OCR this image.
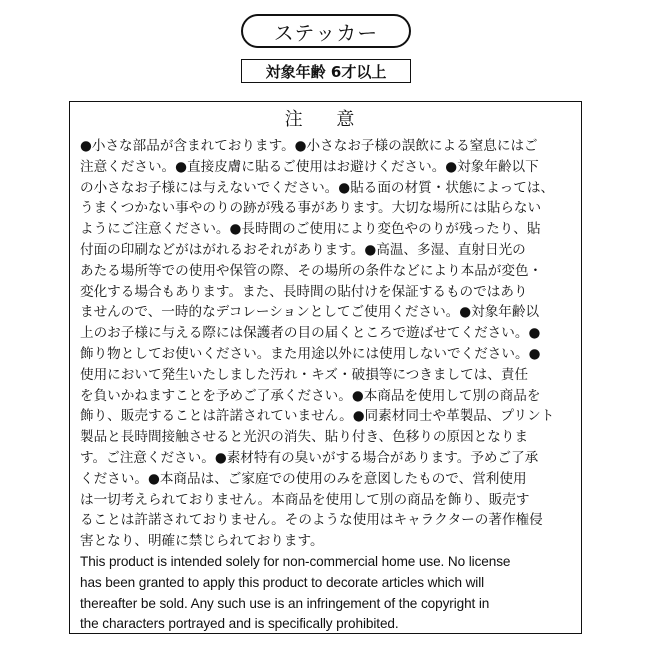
ステッカー
対象年齢 6才以上
注 意
●小さな部品が含まれております。●小さなお子様の誤飲による窒息にはご
注意ください。●直接皮膚に貼るご使用はお避けください。●対象年齢以下
の小さなお子様には与えないでください。●貼る面の材質・状態によっては、
うまくつかない事やのりの跡が残る事があります。大切な場所には貼らない
ようにご注意ください。●長時間のご使用により変色やのりが残ったり、貼
付面の印刷などがはがれるおそれがあります。●高温、多湿、直射日光の
あたる場所等での使用や保管の際、その場所の条件などにより本品が変色・
変化する場合もあります。また、長時間の貼付けを保証するものではあり
ませんので、一時的なデコレーションとしてご使用ください。●対象年齢以
上のお子様に与える際には保護者の目の届くところで遊ばせてください。●
飾り物としてお使いください。また用途以外には使用しないでください。●
使用において発生いたしました汚れ・キズ・破損等につきましては、責任
を負いかねますことを予めご了承ください。●本商品を使用して別の商品を
飾り、販売することは許諾されていません。●同素材同士や革製品、プリント
製品と長時間接触させると光沢の消失、貼り付き、色移りの原因となりま
す。ご注意ください。●素材特有の臭いがする場合があります。予めご了承
ください。●本商品は、ご家庭での使用のみを意図したもので、営利使用
は一切考えられておりません。本商品を使用して別の商品を飾り、販売す
ることは許諾されておりません。そのような使用はキャラクターの著作権侵
害となり、明確に禁じられております。
This product is intended solely for non-commercial home use. No license
has been granted to apply this product to decorate articles which will
thereafter be sold. Any such use is an infringement of the copyright in
the characters portrayed and is specifically prohibited.
